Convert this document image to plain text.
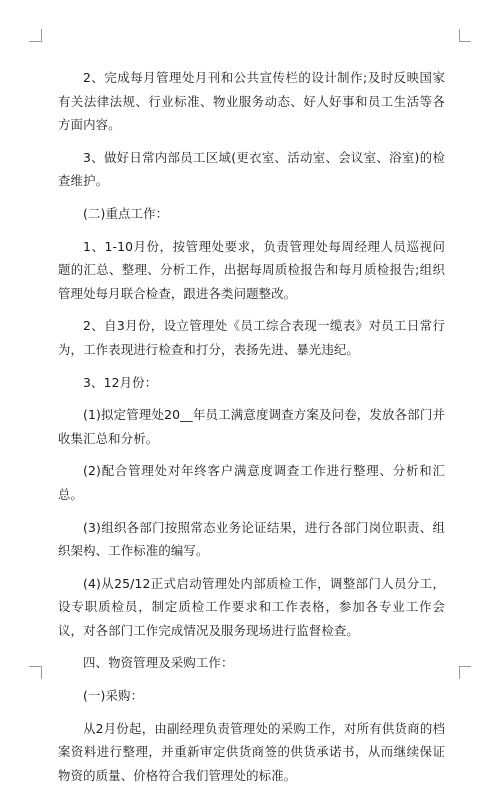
2、完成每月管理处月刊和公共宣传栏的设计制作;及时反映国家有关法律法规、行业标准、物业服务动态、好人好事和员工生活等各方面内容。

3、做好日常内部员工区域(更衣室、活动室、会议室、浴室)的检查维护。

(二)重点工作：

1、1-10月份，按管理处要求，负责管理处每周经理人员巡视问题的汇总、整理、分析工作，出据每周质检报告和每月质检报告;组织管理处每月联合检查，跟进各类问题整改。

2、自3月份，设立管理处《员工综合表现一缆表》对员工日常行为，工作表现进行检查和打分，表扬先进、暴光违纪。

3、12月份：

(1)拟定管理处20__年员工满意度调查方案及问卷，发放各部门并收集汇总和分析。

(2)配合管理处对年终客户满意度调查工作进行整理、分析和汇总。

(3)组织各部门按照常态业务论证结果，进行各部门岗位职责、组织架构、工作标准的编写。

(4)从25/12正式启动管理处内部质检工作，调整部门人员分工，设专职质检员，制定质检工作要求和工作表格，参加各专业工作会议，对各部门工作完成情况及服务现场进行监督检查。

四、物资管理及采购工作：

(一)采购：

从2月份起，由副经理负责管理处的采购工作，对所有供货商的档案资料进行整理，并重新审定供货商签的供货承诺书，从而继续保证物资的质量、价格符合我们管理处的标准。
